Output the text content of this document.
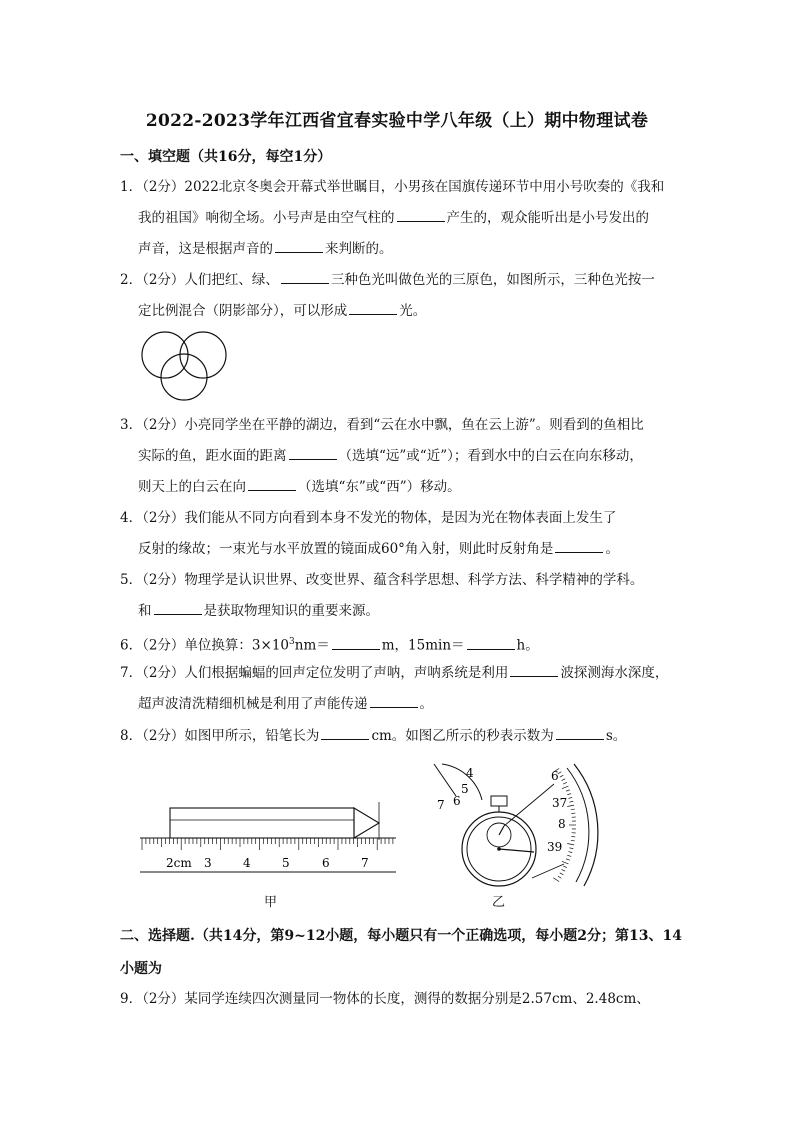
2022-2023学年江西省宜春实验中学八年级（上）期中物理试卷
一、填空题（共16分，每空1分）
1．（2分）2022北京冬奥会开幕式举世瞩目，小男孩在国旗传递环节中用小号吹奏的《我和
我的祖国》响彻全场。小号声是由空气柱的	产生的，观众能听出是小号发出的
声音，这是根据声音的	来判断的。
2．（2分）人们把红、绿、	三种色光叫做色光的三原色，如图所示，三种色光按一
定比例混合（阴影部分），可以形成	光。
3．（2分）小亮同学坐在平静的湖边，看到“云在水中飘，鱼在云上游”。则看到的鱼相比
实际的鱼，距水面的距离	（选填“远”或“近”）；看到水中的白云在向东移动，
则天上的白云在向	（选填“东”或“西”）移动。
4．（2分）我们能从不同方向看到本身不发光的物体，是因为光在物体表面上发生了
反射的缘故；一束光与水平放置的镜面成60°角入射，则此时反射角是	。
5．（2分）物理学是认识世界、改变世界、蕴含科学思想、科学方法、科学精神的学科。
和	是获取物理知识的重要来源。
6．（2分）单位换算：$3\times 10^3nm=$	m，15min＝	h。
7．（2分）人们根据蝙蝠的回声定位发明了声呐，声呐系统是利用	波探测海水深度，
超声波清洗精细机械是利用了声能传递	。
8．（2分）如图甲所示，铅笔长为	cm。如图乙所示的秒表示数为	s。
2cm 3	4	5	6	7
甲
4
5
6
7
6
37
8
39
乙
二、选择题.（共14分，第9~12小题，每小题只有一个正确选项，每小题2分；第13、14
小题为
9．（2分）某同学连续四次测量同一物体的长度，测得的数据分别是2.57cm、2.48cm、
